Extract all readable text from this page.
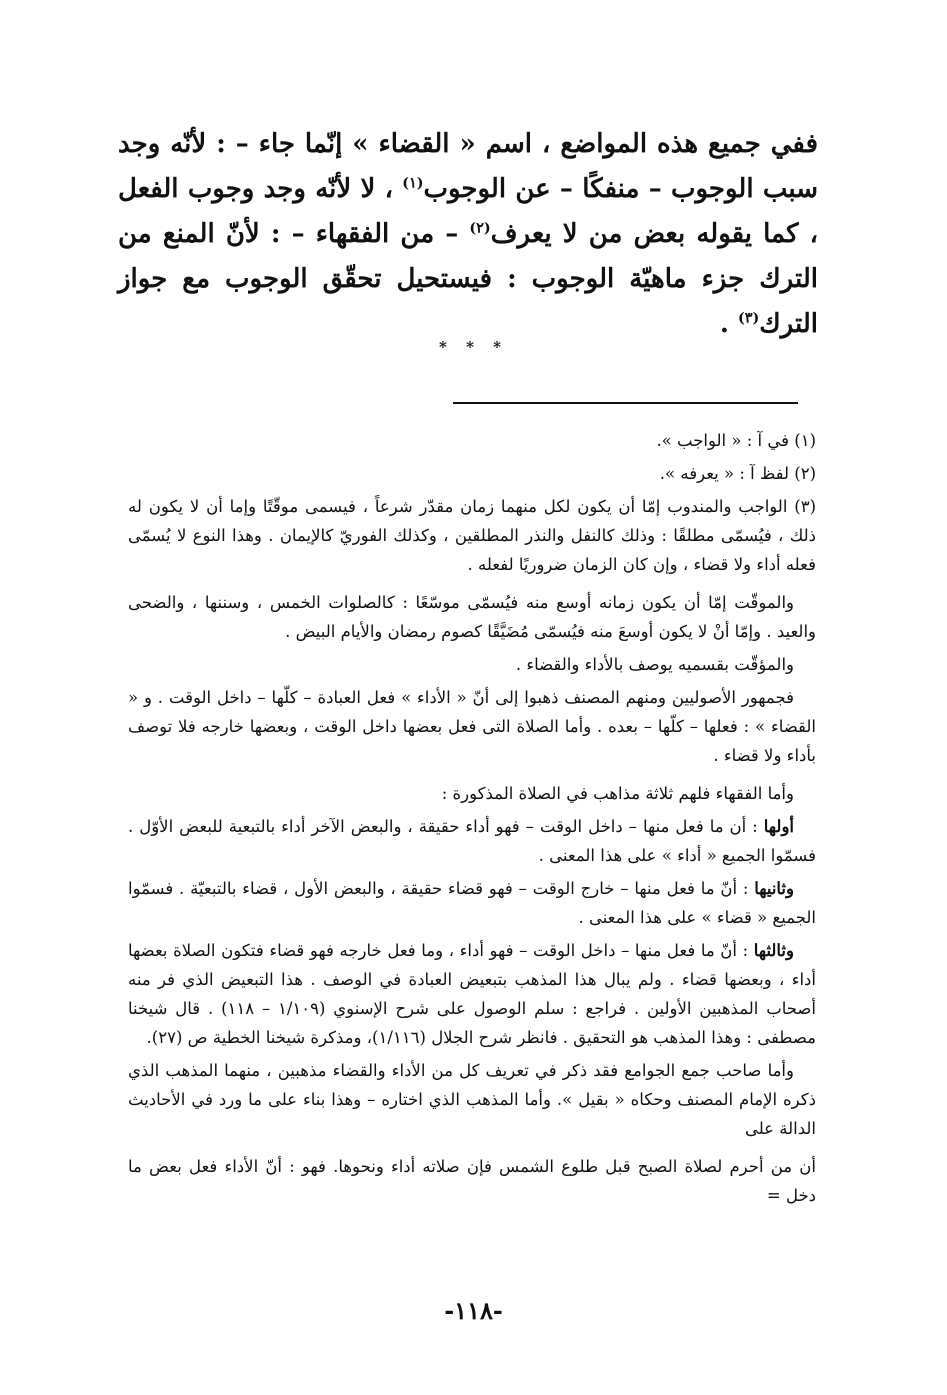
ففي جميع هذه المواضع ، اسم « القضاء » إنّما جاء – : لأنّه وجد سبب الوجوب – منفكًا – عن الوجوب$^{(١)}$ ، لا لأنّه وجد وجوب الفعل ، كما يقوله بعض من لا يعرف$^{(٢)}$ – من الفقهاء – : لأنّ المنع من الترك جزء ماهيّة الوجوب : فيستحيل تحقّق الوجوب مع جواز الترك$^{(٣)}$ .

* * *

(١) في آ : « الواجب ».

(٢) لفظ آ : « يعرفه ».

(٣) الواجب والمندوب إمّا أن يكون لكل منهما زمان مقدّر شرعاً ، فيسمى موقّتًا وإما أن لا يكون له ذلك ، فيُسمّى مطلقًا : وذلك كالنفل والنذر المطلقين ، وكذلك الفوريّ كالإيمان . وهذا النوع لا يُسمّى فعله أداء ولا قضاء ، وإن كان الزمان ضروريًا لفعله .

والموقّت إمّا أن يكون زمانه أوسع منه فيُسمّى موسّعًا : كالصلوات الخمس ، وسننها ، والضحى والعيد . وإمّا أنْ لا يكون أوسعَ منه فيُسمّى مُضَيَّقًا كصوم رمضان والأيام البيض .

والمؤقّت بقسميه يوصف بالأداء والقضاء .

فجمهور الأصوليين ومنهم المصنف ذهبوا إلى أنّ « الأداء » فعل العبادة – كلّها – داخل الوقت . و « القضاء » : فعلها – كلّها – بعده . وأما الصلاة التى فعل بعضها داخل الوقت ، وبعضها خارجه فلا توصف بأداء ولا قضاء .

وأما الفقهاء فلهم ثلاثة مذاهب في الصلاة المذكورة :

أولها : أن ما فعل منها – داخل الوقت – فهو أداء حقيقة ، والبعض الآخر أداء بالتبعية للبعض الأوّل . فسمّوا الجميع « أداء » على هذا المعنى .

وثانيها : أنّ ما فعل منها – خارج الوقت – فهو قضاء حقيقة ، والبعض الأول ، قضاء بالتبعيّة . فسمّوا الجميع « قضاء » على هذا المعنى .

وثالثها : أنّ ما فعل منها – داخل الوقت – فهو أداء ، وما فعل خارجه فهو قضاء فتكون الصلاة بعضها أداء ، وبعضها قضاء . ولم يبال هذا المذهب بتبعيض العبادة في الوصف . هذا التبعيض الذي فر منه أصحاب المذهبين الأولين . فراجع : سلم الوصول على شرح الإسنوي (١/١٠٩ – ١١٨) . قال شيخنا مصطفى : وهذا المذهب هو التحقيق . فانظر شرح الجلال (١/١١٦)، ومذكرة شيخنا الخطية ص (٢٧).

وأما صاحب جمع الجوامع فقد ذكر في تعريف كل من الأداء والقضاء مذهبين ، منهما المذهب الذي ذكره الإمام المصنف وحكاه « بقيل ». وأما المذهب الذي اختاره – وهذا بناء على ما ورد في الأحاديث الدالة على

أن من أحرم لصلاة الصبح قبل طلوع الشمس فإن صلاته أداء ونحوها. فهو : أنّ الأداء فعل بعض ما دخل =

-١١٨-
